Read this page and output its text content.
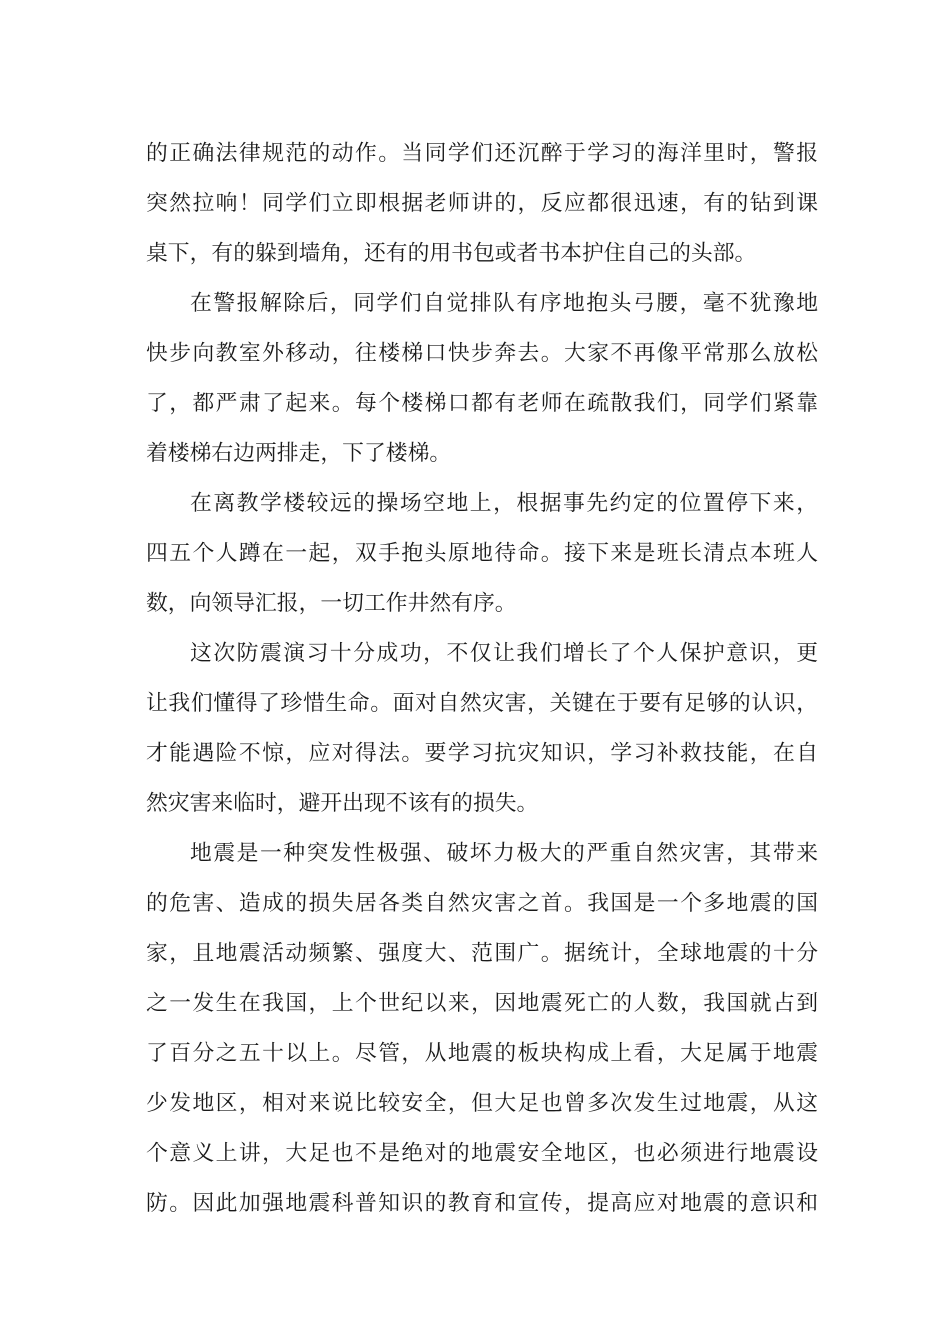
的正确法律规范的动作。当同学们还沉醉于学习的海洋里时，警报
突然拉响！同学们立即根据老师讲的，反应都很迅速，有的钻到课
桌下，有的躲到墙角，还有的用书包或者书本护住自己的头部。
在警报解除后，同学们自觉排队有序地抱头弓腰，毫不犹豫地
快步向教室外移动，往楼梯口快步奔去。大家不再像平常那么放松
了，都严肃了起来。每个楼梯口都有老师在疏散我们，同学们紧靠
着楼梯右边两排走，下了楼梯。
在离教学楼较远的操场空地上，根据事先约定的位置停下来，
四五个人蹲在一起，双手抱头原地待命。接下来是班长清点本班人
数，向领导汇报，一切工作井然有序。
这次防震演习十分成功，不仅让我们增长了个人保护意识，更
让我们懂得了珍惜生命。面对自然灾害，关键在于要有足够的认识，
才能遇险不惊，应对得法。要学习抗灾知识，学习补救技能，在自
然灾害来临时，避开出现不该有的损失。
地震是一种突发性极强、破坏力极大的严重自然灾害，其带来
的危害、造成的损失居各类自然灾害之首。我国是一个多地震的国
家，且地震活动频繁、强度大、范围广。据统计，全球地震的十分
之一发生在我国，上个世纪以来，因地震死亡的人数，我国就占到
了百分之五十以上。尽管，从地震的板块构成上看，大足属于地震
少发地区，相对来说比较安全，但大足也曾多次发生过地震，从这
个意义上讲，大足也不是绝对的地震安全地区，也必须进行地震设
防。因此加强地震科普知识的教育和宣传，提高应对地震的意识和
